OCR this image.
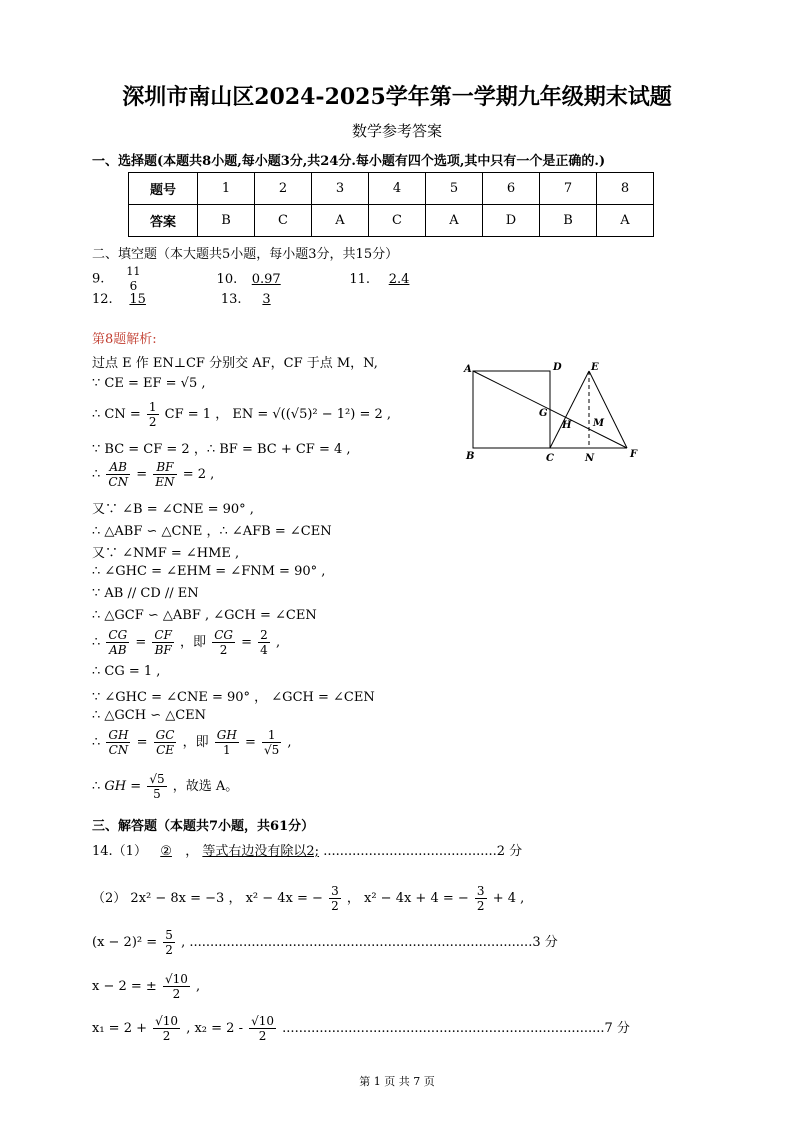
深圳市南山区2024-2025学年第一学期九年级期末试题
数学参考答案
一、选择题(本题共8小题,每小题3分,共24分.每小题有四个选项,其中只有一个是正确的.)
题号	1	2	3	4	5	6	7	8
答案	B	C	A	C	A	D	B	A
二、填空题（本大题共5小题，每小题3分，共15分）
9. 11
6	10. 0.97	11. 2.4
12. 15	13. 3
第8题解析:
A	D	E
G
H M
B	C	N	F
过点 E 作 EN⊥CF 分别交 AF，CF 于点 M，N,
∵ CE = EF = √5 ,
∴ CN = $\frac{1}{2}$ CF = 1 ， EN = √((√5)² − 1²) = 2 ,
∵ BC = CF = 2 ，∴ BF = BC + CF = 4 ,
∴ $\frac{AB}{CN} = \frac{BF}{EN} = 2$ ,
又∵ ∠B = ∠CNE = 90° ,
∴ △ABF ∽ △CNE ，∴ ∠AFB = ∠CEN
又∵ ∠NMF = ∠HME ,
∴ ∠GHC = ∠EHM = ∠FNM = 90° ,
∵ AB // CD // EN
∴ △GCF ∽ △ABF , ∠GCH = ∠CEN
∴ $\frac{CG}{AB} = \frac{CF}{BF}$ ，即 $\frac{CG}{2} = \frac{2}{4}$ ,
∴ CG = 1 ,
∵ ∠GHC = ∠CNE = 90° ， ∠GCH = ∠CEN
∴ △GCH ∽ △CEN
∴ $\frac{GH}{CN} = \frac{GC}{CE}$ ，即 $\frac{GH}{1} = \frac{1}{√5}$ ,
∴ GH = $\frac{√5}{5}$ ，故选 A。
三、解答题（本题共7小题，共61分）
14.（1） ② ， 等式右边没有除以2; ..........................................2 分
（2） 2x² − 8x = −3 ， x² − 4x = − $\frac{3}{2}$ ， x² − 4x + 4 = − $\frac{3}{2} + 4$ ,
$(x - 2)^2 = \frac{5}{2}$ , ...................................................................................3 分
x − 2 = ± $\frac{√10}{2}$ ,
$x_1 = 2 + \frac{√10}{2}$ , $x_2 = 2 - \frac{√10}{2} ..............................................................................7$ 分
第 1 页 共 7 页
